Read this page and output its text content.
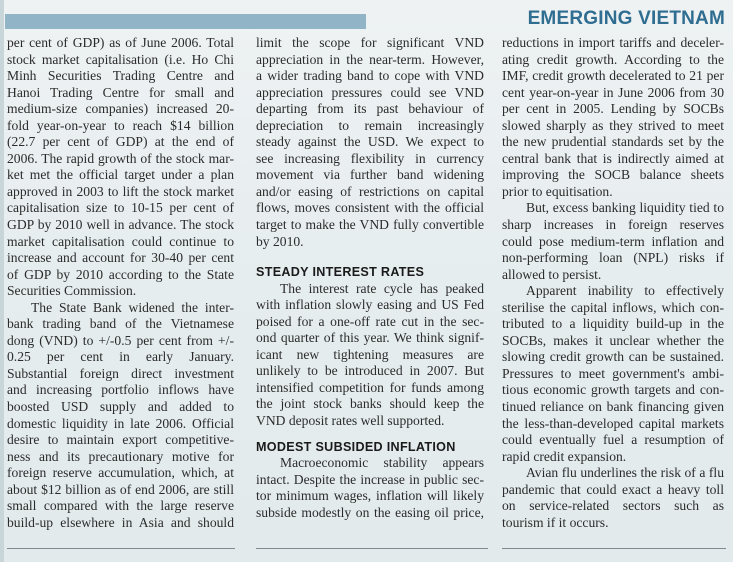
EMERGING VIETNAM
per cent of GDP) as of June 2006. Total
stock market capitalisation (i.e. Ho Chi
Minh Securities Trading Centre and
Hanoi Trading Centre for small and
medium-size companies) increased 20-
fold year-on-year to reach $14 billion
(22.7 per cent of GDP) at the end of
2006. The rapid growth of the stock mar-
ket met the official target under a plan
approved in 2003 to lift the stock market
capitalisation size to 10-15 per cent of
GDP by 2010 well in advance. The stock
market capitalisation could continue to
increase and account for 30-40 per cent
of GDP by 2010 according to the State
Securities Commission.
The State Bank widened the inter-
bank trading band of the Vietnamese
dong (VND) to +/-0.5 per cent from +/-
0.25 per cent in early January.
Substantial foreign direct investment
and increasing portfolio inflows have
boosted USD supply and added to
domestic liquidity in late 2006. Official
desire to maintain export competitive-
ness and its precautionary motive for
foreign reserve accumulation, which, at
about $12 billion as of end 2006, are still
small compared with the large reserve
build-up elsewhere in Asia and should
limit the scope for significant VND
appreciation in the near-term. However,
a wider trading band to cope with VND
appreciation pressures could see VND
departing from its past behaviour of
depreciation to remain increasingly
steady against the USD. We expect to
see increasing flexibility in currency
movement via further band widening
and/or easing of restrictions on capital
flows, moves consistent with the official
target to make the VND fully convertible
by 2010.
STEADY INTEREST RATES
The interest rate cycle has peaked
with inflation slowly easing and US Fed
poised for a one-off rate cut in the sec-
ond quarter of this year. We think signif-
icant new tightening measures are
unlikely to be introduced in 2007. But
intensified competition for funds among
the joint stock banks should keep the
VND deposit rates well supported.
MODEST SUBSIDED INFLATION
Macroeconomic stability appears
intact. Despite the increase in public sec-
tor minimum wages, inflation will likely
subside modestly on the easing oil price,
reductions in import tariffs and deceler-
ating credit growth. According to the
IMF, credit growth decelerated to 21 per
cent year-on-year in June 2006 from 30
per cent in 2005. Lending by SOCBs
slowed sharply as they strived to meet
the new prudential standards set by the
central bank that is indirectly aimed at
improving the SOCB balance sheets
prior to equitisation.
But, excess banking liquidity tied to
sharp increases in foreign reserves
could pose medium-term inflation and
non-performing loan (NPL) risks if
allowed to persist.
Apparent inability to effectively
sterilise the capital inflows, which con-
tributed to a liquidity build-up in the
SOCBs, makes it unclear whether the
slowing credit growth can be sustained.
Pressures to meet government's ambi-
tious economic growth targets and con-
tinued reliance on bank financing given
the less-than-developed capital markets
could eventually fuel a resumption of
rapid credit expansion.
Avian flu underlines the risk of a flu
pandemic that could exact a heavy toll
on service-related sectors such as
tourism if it occurs.
